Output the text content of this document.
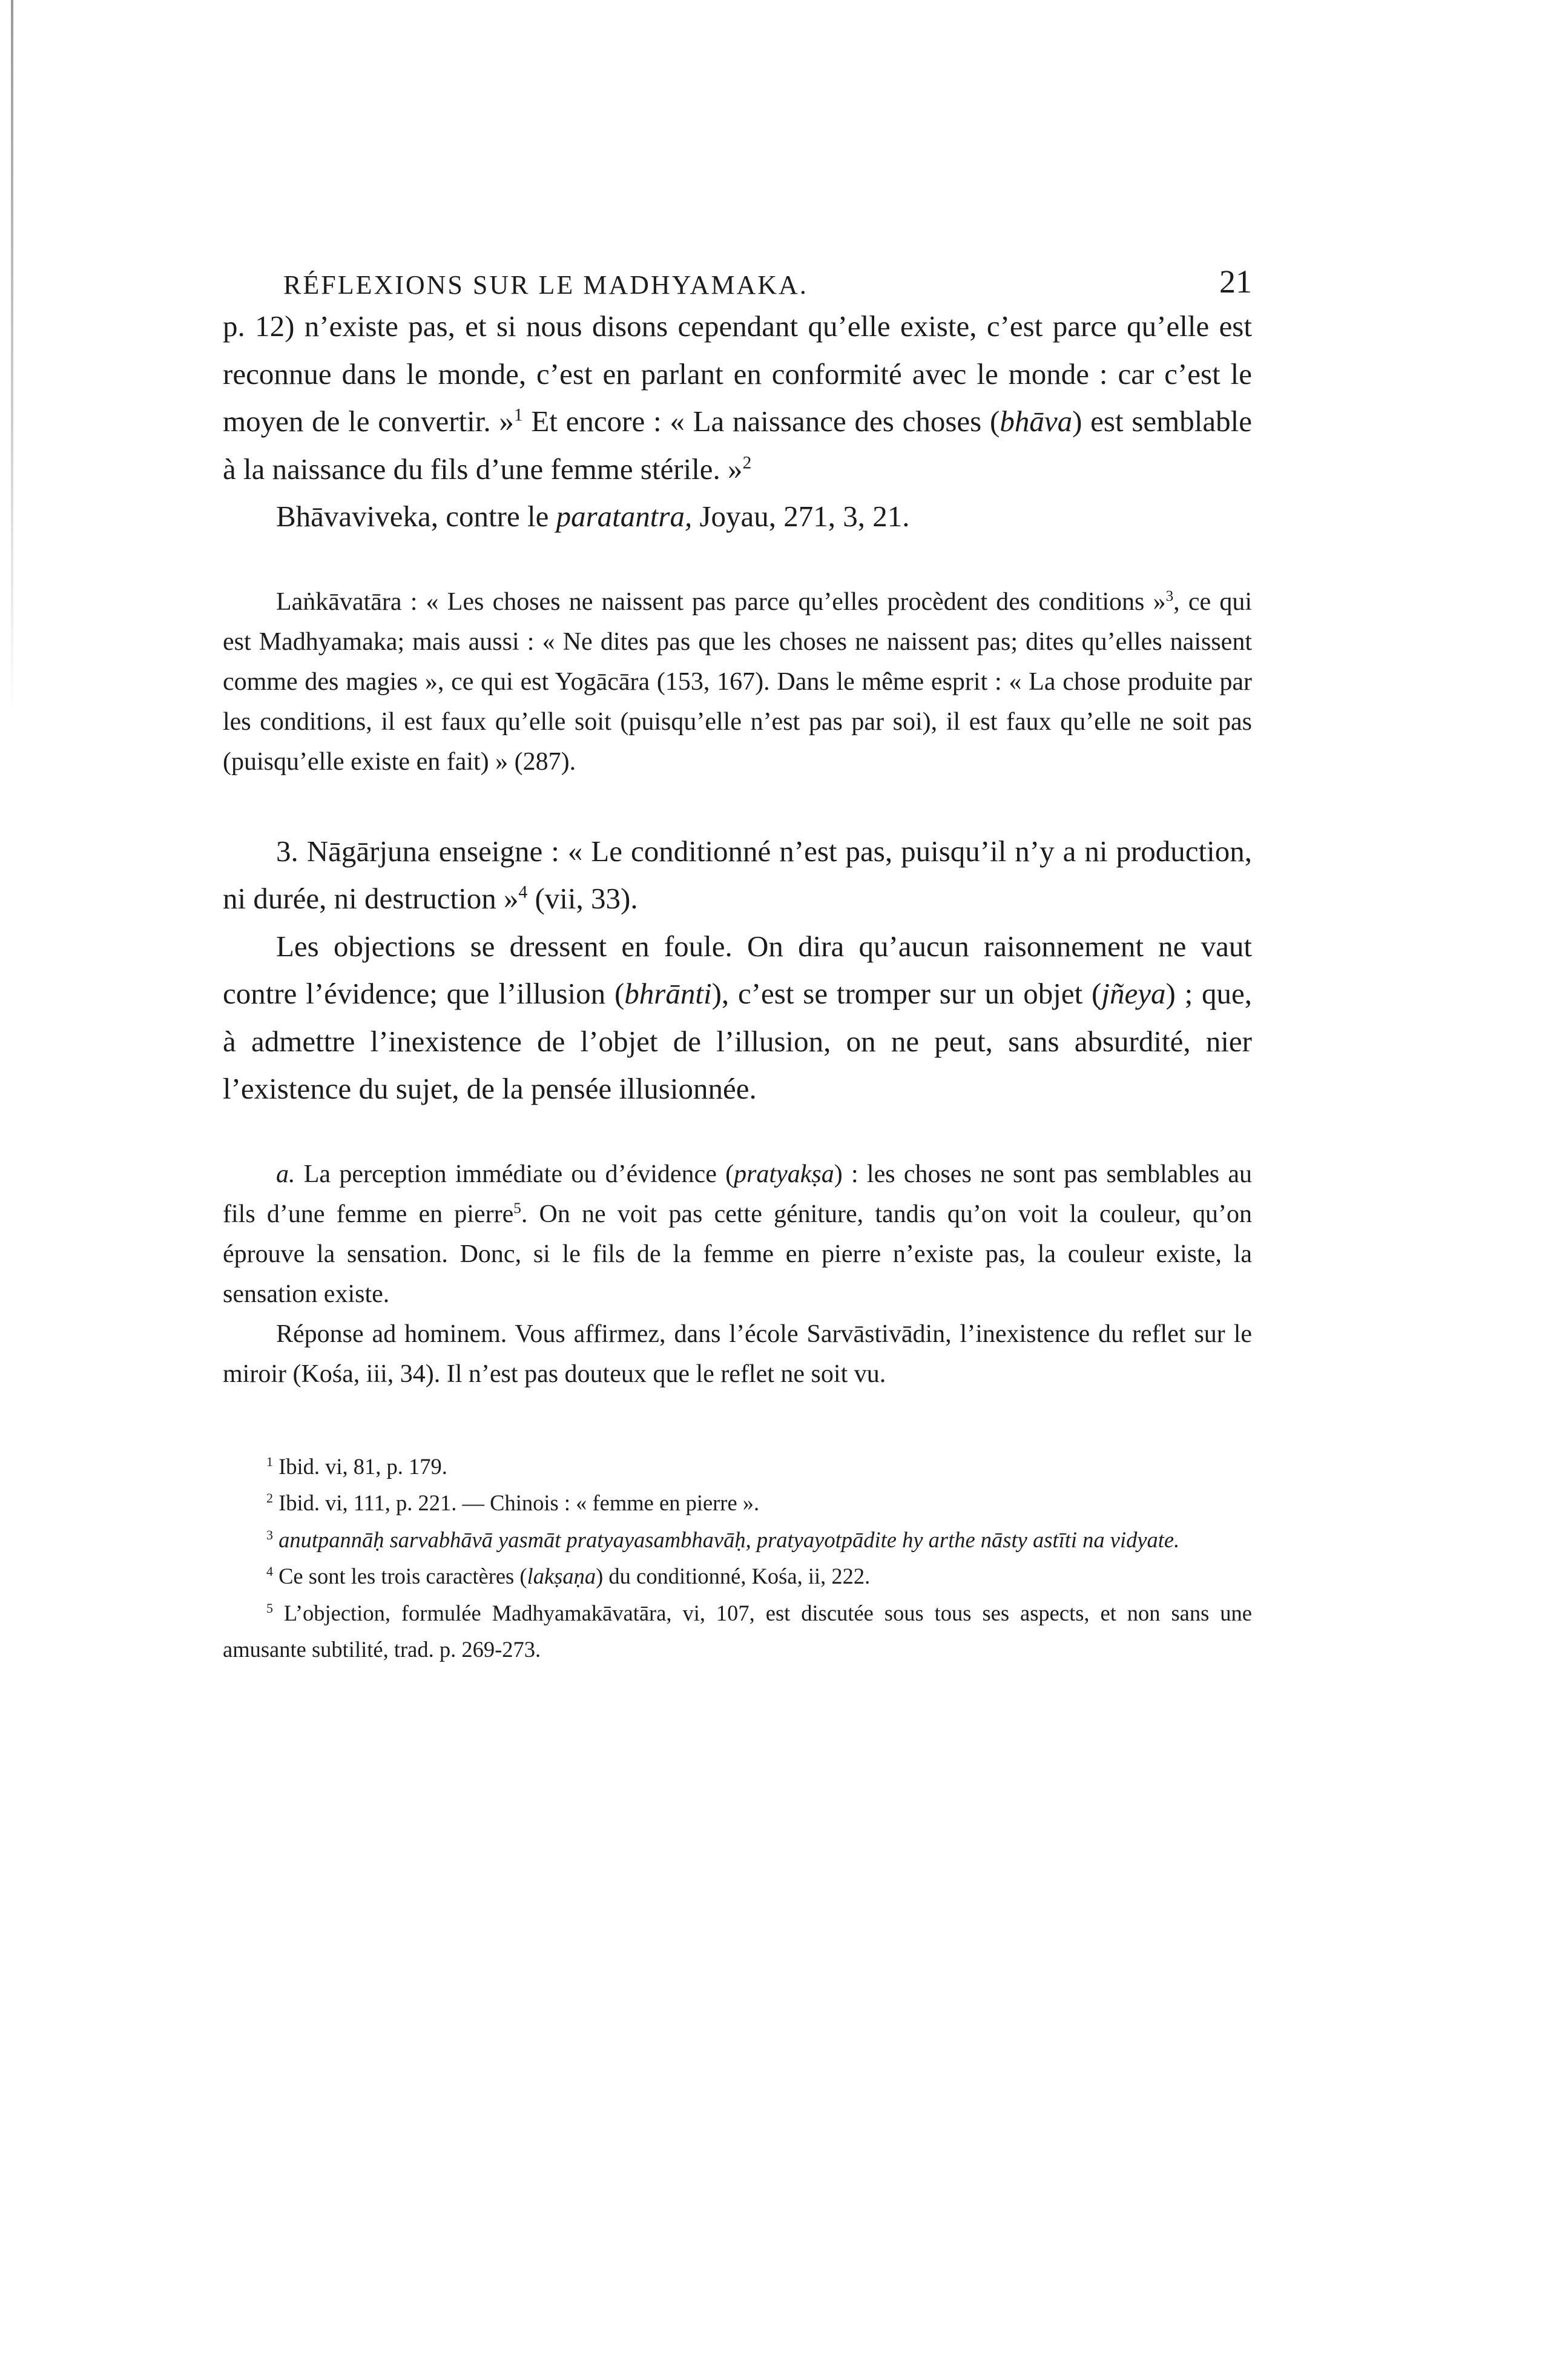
RÉFLEXIONS SUR LE MADHYAMAKA.	21

p. 12) n’existe pas, et si nous disons cependant qu’elle existe, c’est parce qu’elle est reconnue dans le monde, c’est en parlant en conformité avec le monde : car c’est le moyen de le convertir. »$^1$ Et encore : « La naissance des choses (bhāva) est semblable à la naissance du fils d’une femme stérile. »$^2$

Bhāvaviveka, contre le paratantra, Joyau, 271, 3, 21.

Laṅkāvatāra : « Les choses ne naissent pas parce qu’elles procèdent des conditions »$^3$, ce qui est Madhyamaka; mais aussi : « Ne dites pas que les choses ne naissent pas; dites qu’elles naissent comme des magies », ce qui est Yogācāra (153, 167). Dans le même esprit : « La chose produite par les conditions, il est faux qu’elle soit (puisqu’elle n’est pas par soi), il est faux qu’elle ne soit pas (puisqu’elle existe en fait) » (287).

3. Nāgārjuna enseigne : « Le conditionné n’est pas, puisqu’il n’y a ni production, ni durée, ni destruction »$^4$ (vii, 33).

Les objections se dressent en foule. On dira qu’aucun raisonnement ne vaut contre l’évidence; que l’illusion (bhrānti), c’est se tromper sur un objet (jñeya) ; que, à admettre l’inexistence de l’objet de l’illusion, on ne peut, sans absurdité, nier l’existence du sujet, de la pensée illusionnée.

a. La perception immédiate ou d’évidence (pratyakṣa) : les choses ne sont pas semblables au fils d’une femme en pierre$^5$. On ne voit pas cette géniture, tandis qu’on voit la couleur, qu’on éprouve la sensation. Donc, si le fils de la femme en pierre n’existe pas, la couleur existe, la sensation existe.

Réponse ad hominem. Vous affirmez, dans l’école Sarvāstivādin, l’inexistence du reflet sur le miroir (Kośa, iii, 34). Il n’est pas douteux que le reflet ne soit vu.

$^1$ Ibid. vi, 81, p. 179.

$^2$ Ibid. vi, 111, p. 221. — Chinois : « femme en pierre ».

$^3$ anutpannāḥ sarvabhāvā yasmāt pratyayasambhavāḥ, pratyayotpādite hy arthe nāsty astīti na vidyate.

$^4$ Ce sont les trois caractères (lakṣaṇa) du conditionné, Kośa, ii, 222.

$^5$ L’objection, formulée Madhyamakāvatāra, vi, 107, est discutée sous tous ses aspects, et non sans une amusante subtilité, trad. p. 269-273.
